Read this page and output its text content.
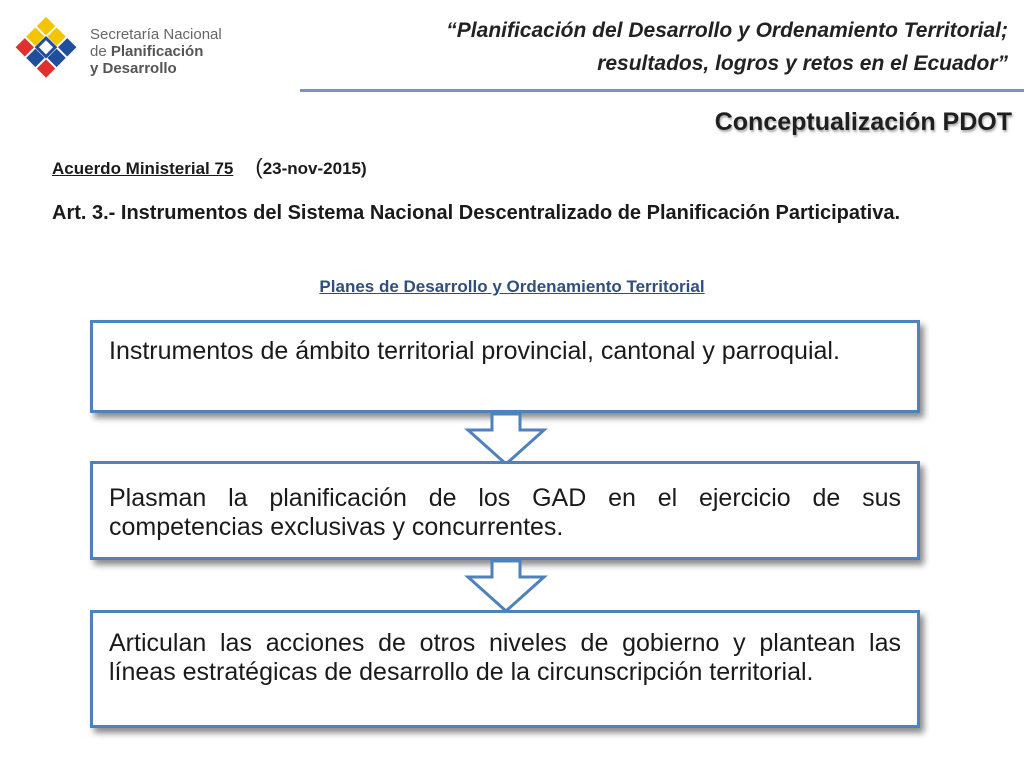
Secretaría Nacional
de Planificación
y Desarrollo
“Planificación del Desarrollo y Ordenamiento Territorial;
resultados, logros y retos en el Ecuador”
Conceptualización PDOT
Acuerdo Ministerial 75 (23-nov-2015)
Art. 3.- Instrumentos del Sistema Nacional Descentralizado de Planificación Participativa.
Planes de Desarrollo y Ordenamiento Territorial
Instrumentos de ámbito territorial provincial, cantonal y parroquial.
Plasman la planificación de los GAD en el ejercicio de sus competencias exclusivas y concurrentes.
Articulan las acciones de otros niveles de gobierno y plantean las líneas estratégicas de desarrollo de la circunscripción territorial.
